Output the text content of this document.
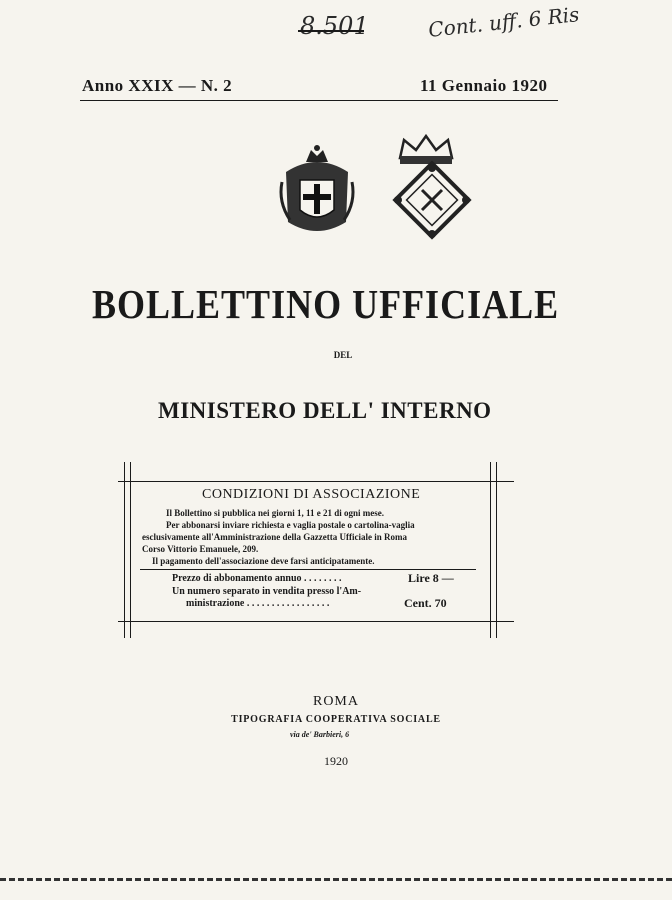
8.501	Cont. uff. 6 Ris
Anno XXIX — N. 2	11 Gennaio 1920
BOLLETTINO UFFICIALE
DEL
MINISTERO DELL' INTERNO
CONDIZIONI DI ASSOCIAZIONE
Il Bollettino si pubblica nei giorni 1, 11 e 21 di ogni mese.
Per abbonarsi inviare richiesta e vaglia postale o cartolina-vaglia
esclusivamente all'Amministrazione della Gazzetta Ufficiale in Roma
Corso Vittorio Emanuele, 209.
Il pagamento dell'associazione deve farsi anticipatamente.
Prezzo di abbonamento annuo . . . . . . . .	Lire 8 —
Un numero separato in vendita presso l'Am-
ministrazione . . . . . . . . . . . . . . . . .	Cent. 70
ROMA
TIPOGRAFIA COOPERATIVA SOCIALE
via de' Barbieri, 6
1920
